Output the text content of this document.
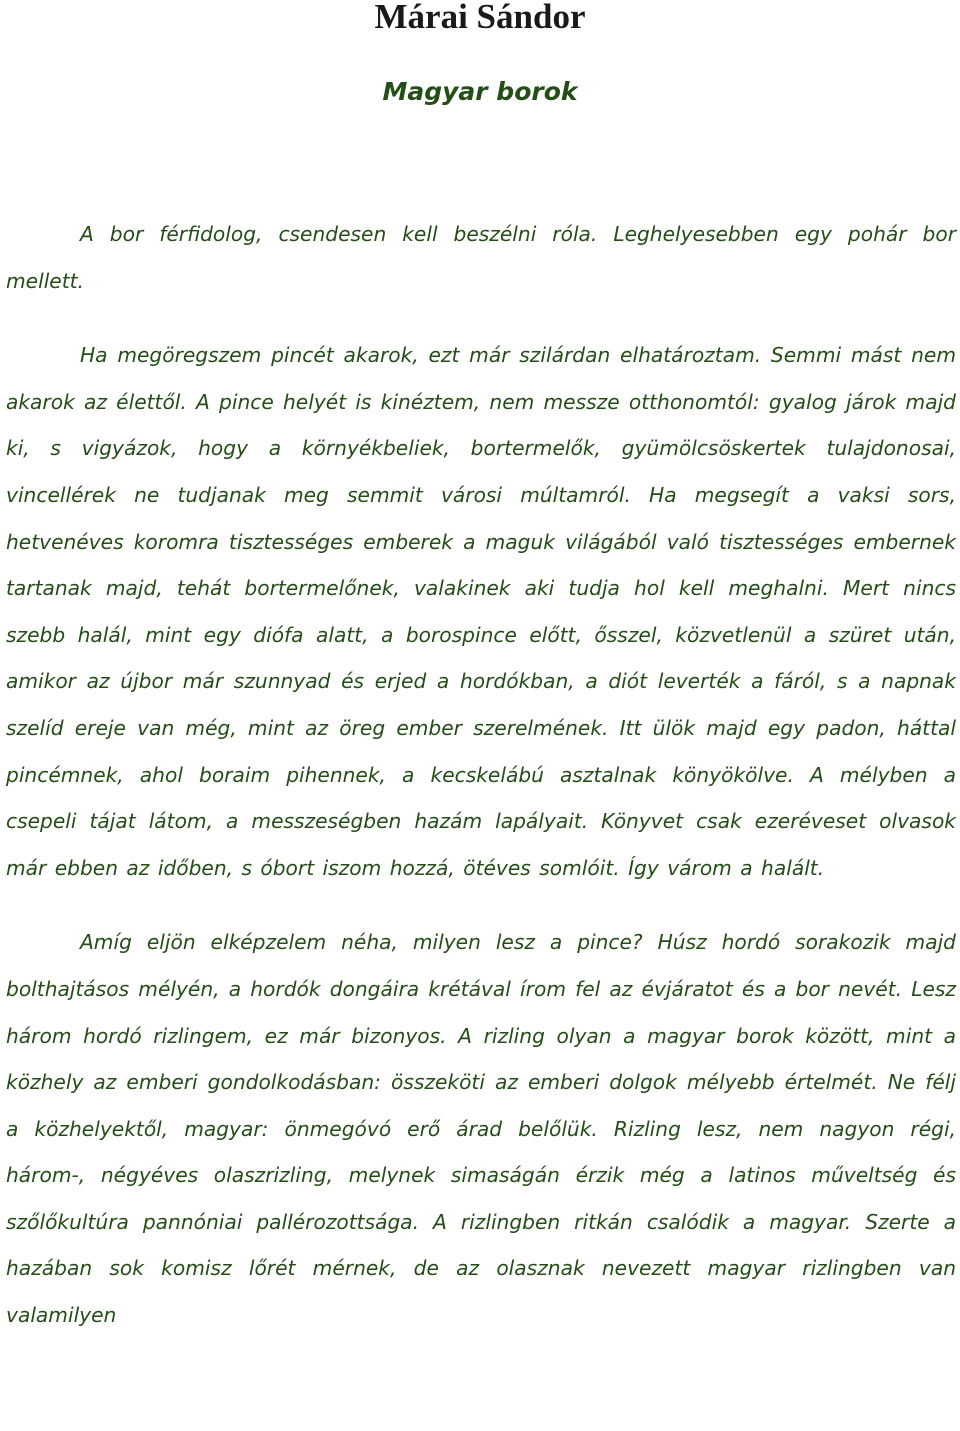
Márai Sándor
Magyar borok

A bor férfidolog, csendesen kell beszélni róla. Leghelyesebben egy pohár bor mellett.

Ha megöregszem pincét akarok, ezt már szilárdan elhatároztam. Semmi mást nem akarok az élettől. A pince helyét is kinéztem, nem messze otthonomtól: gyalog járok majd ki, s vigyázok, hogy a környékbeliek, bortermelők, gyümölcsöskertek tulajdonosai, vincellérek ne tudjanak meg semmit városi múltamról. Ha megsegít a vaksi sors, hetvenéves koromra tisztességes emberek a maguk világából való tisztességes embernek tartanak majd, tehát bortermelőnek, valakinek aki tudja hol kell meghalni. Mert nincs szebb halál, mint egy diófa alatt, a borospince előtt, ősszel, közvetlenül a szüret után, amikor az újbor már szunnyad és erjed a hordókban, a diót leverték a fáról, s a napnak szelíd ereje van még, mint az öreg ember szerelmének. Itt ülök majd egy padon, háttal pincémnek, ahol boraim pihennek, a kecskelábú asztalnak könyökölve. A mélyben a csepeli tájat látom, a messzeségben hazám lapályait. Könyvet csak ezeréveset olvasok már ebben az időben, s óbort iszom hozzá, ötéves somlóit. Így várom a halált.

Amíg eljön elképzelem néha, milyen lesz a pince? Húsz hordó sorakozik majd bolthajtásos mélyén, a hordók dongáira krétával írom fel az évjáratot és a bor nevét. Lesz három hordó rizlingem, ez már bizonyos. A rizling olyan a magyar borok között, mint a közhely az emberi gondolkodásban: összeköti az emberi dolgok mélyebb értelmét. Ne félj a közhelyektől, magyar: önmegóvó erő árad belőlük. Rizling lesz, nem nagyon régi, három-, négyéves olaszrizling, melynek simaságán érzik még a latinos műveltség és szőlőkultúra pannóniai pallérozottsága. A rizlingben ritkán csalódik a magyar. Szerte a hazában sok komisz lőrét mérnek, de az olasznak nevezett magyar rizlingben van valamilyen
